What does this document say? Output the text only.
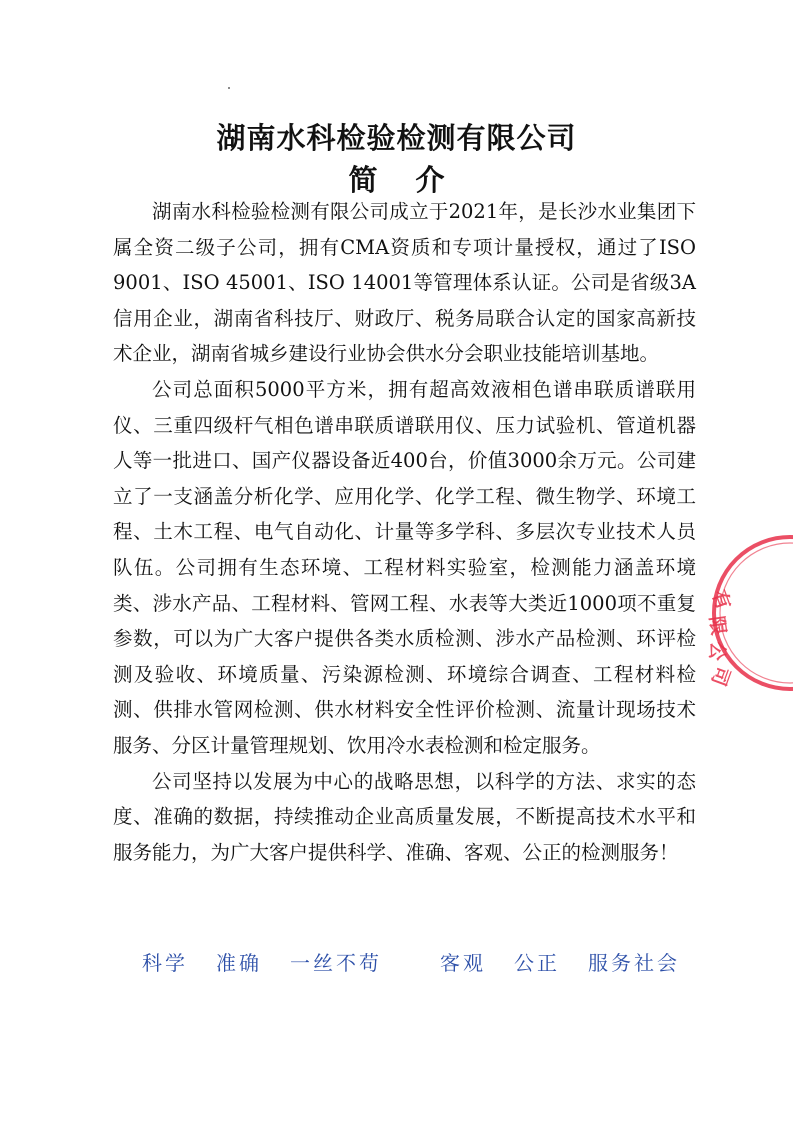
湖南水科检验检测有限公司
简介

湖南水科检验检测有限公司成立于2021年，是长沙水业集团下属全资二级子公司，拥有CMA资质和专项计量授权，通过了ISO 9001、ISO 45001、ISO 14001等管理体系认证。公司是省级3A信用企业，湖南省科技厅、财政厅、税务局联合认定的国家高新技术企业，湖南省城乡建设行业协会供水分会职业技能培训基地。

公司总面积5000平方米，拥有超高效液相色谱串联质谱联用仪、三重四级杆气相色谱串联质谱联用仪、压力试验机、管道机器人等一批进口、国产仪器设备近400台，价值3000余万元。公司建立了一支涵盖分析化学、应用化学、化学工程、微生物学、环境工程、土木工程、电气自动化、计量等多学科、多层次专业技术人员队伍。公司拥有生态环境、工程材料实验室，检测能力涵盖环境类、涉水产品、工程材料、管网工程、水表等大类近1000项不重复参数，可以为广大客户提供各类水质检测、涉水产品检测、环评检测及验收、环境质量、污染源检测、环境综合调查、工程材料检测、供排水管网检测、供水材料安全性评价检测、流量计现场技术服务、分区计量管理规划、饮用冷水表检测和检定服务。

公司坚持以发展为中心的战略思想，以科学的方法、求实的态度、准确的数据，持续推动企业高质量发展，不断提高技术水平和服务能力，为广大客户提供科学、准确、客观、公正的检测服务！

科学 准确 一丝不苟	客观 公正 服务社会
有
限
公
司
